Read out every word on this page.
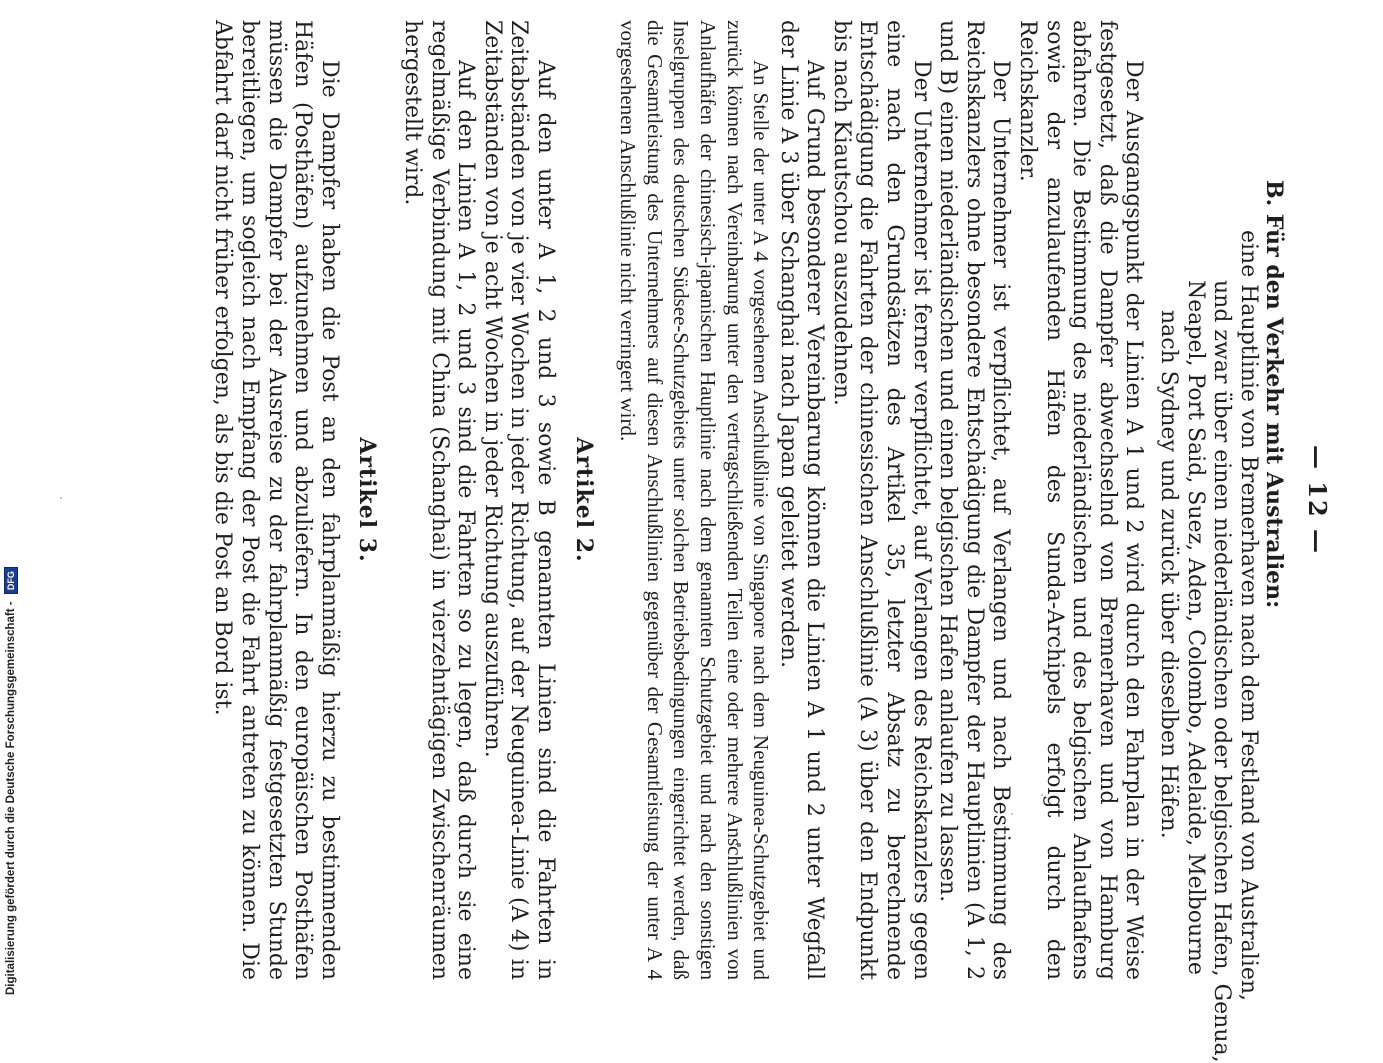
— 12 —
B. Für den Verkehr mit Australien:
eine Hauptlinie von Bremerhaven nach dem Festland von Australien,
und zwar über einen niederländischen oder belgischen Hafen, Genua,
Neapel, Port Said, Suez, Aden, Colombo, Adelaide, Melbourne
nach Sydney und zurück über dieselben Häfen.

Der Ausgangspunkt der Linien A 1 und 2 wird durch den Fahrplan in der Weise festgesetzt, daß die Dampfer abwechselnd von Bremerhaven und von Hamburg abfahren. Die Bestimmung des niederländischen und des belgischen Anlaufhafens sowie der anzulaufenden Häfen des Sunda-Archipels erfolgt durch den Reichskanzler.

Der Unternehmer ist verpflichtet, auf Verlangen und nach Bestimmung des Reichskanzlers ohne besondere Entschädigung die Dampfer der Hauptlinien (A 1, 2 und B) einen niederländischen und einen belgischen Hafen anlaufen zu lassen.

Der Unternehmer ist ferner verpflichtet, auf Verlangen des Reichskanzlers gegen eine nach den Grundsätzen des Artikel 35, letzter Absatz zu berechnende Entschädigung die Fahrten der chinesischen Anschlußlinie (A 3) über den Endpunkt bis nach Kiautschou auszudehnen.

Auf Grund besonderer Vereinbarung können die Linien A 1 und 2 unter Wegfall der Linie A 3 über Schanghai nach Japan geleitet werden.

An Stelle der unter A 4 vorgesehenen Anschlußlinie von Singapore nach dem Neuguinea-Schutzgebiet und zurück können nach Vereinbarung unter den vertragschließenden Teilen eine oder mehrere Anschlußlinien von Anlaufhäfen der chinesisch-japanischen Hauptlinie nach dem genannten Schutzgebiet und nach den sonstigen Inselgruppen des deutschen Südsee-Schutzgebiets unter solchen Betriebsbedingungen eingerichtet werden, daß die Gesamtleistung des Unternehmers auf diesen Anschlußlinien gegenüber der Gesamtleistung der unter A 4 vorgesehenen Anschlußlinie nicht verringert wird.

Artikel 2.

Auf den unter A 1, 2 und 3 sowie B genannten Linien sind die Fahrten in Zeitabständen von je vier Wochen in jeder Richtung, auf der Neuguinea-Linie (A 4) in Zeitabständen von je acht Wochen in jeder Richtung auszuführen.

Auf den Linien A 1, 2 und 3 sind die Fahrten so zu legen, daß durch sie eine regelmäßige Verbindung mit China (Schanghai) in vierzehntägigen Zwischenräumen hergestellt wird.

Artikel 3.

Die Dampfer haben die Post an den fahrplanmäßig hierzu zu bestimmenden Häfen (Posthäfen) aufzunehmen und abzuliefern. In den europäischen Posthäfen müssen die Dampfer bei der Ausreise zu der fahrplanmäßig festgesetzten Stunde bereitliegen, um sogleich nach Empfang der Post die Fahrt antreten zu können. Die Abfahrt darf nicht früher erfolgen, als bis die Post an Bord ist.

Digitalisierung gefördert durch die Deutsche Forschungsgemeinschaft - DFG
